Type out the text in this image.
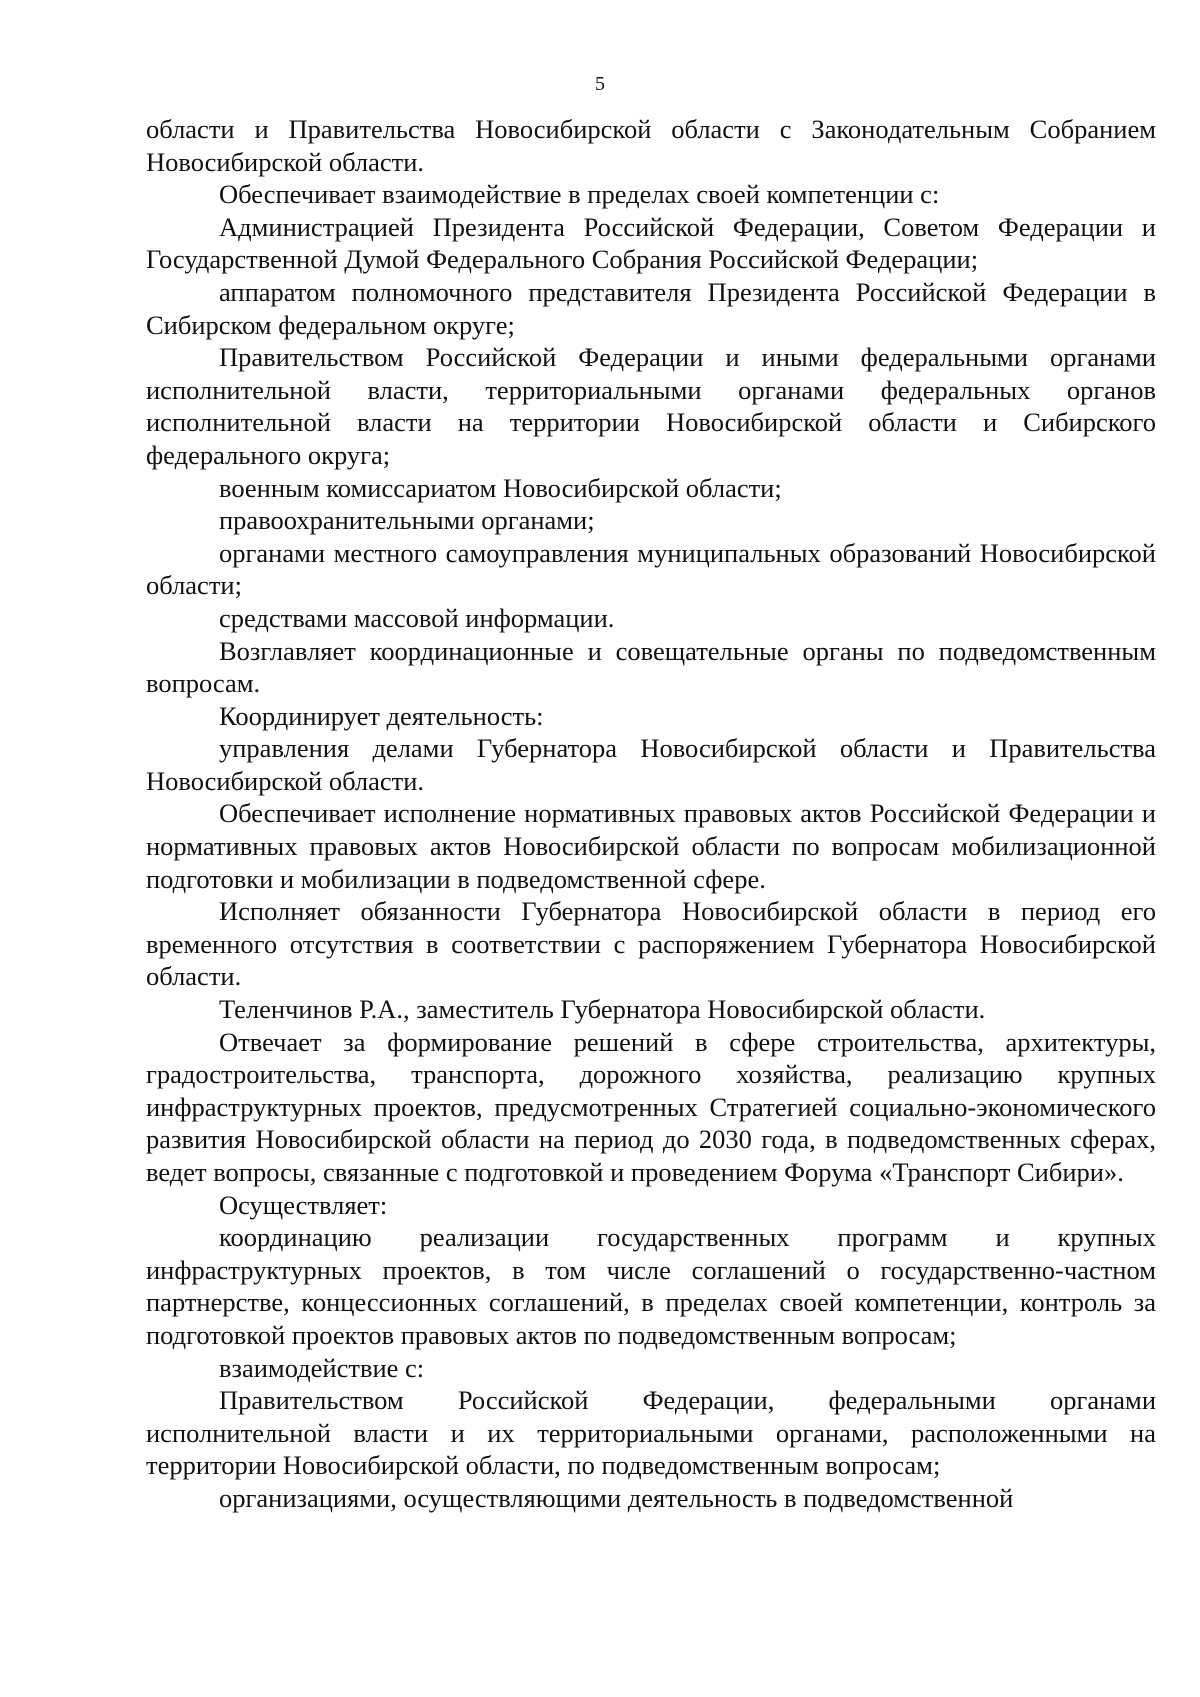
5

области и Правительства Новосибирской области с Законодательным Собранием Новосибирской области.

Обеспечивает взаимодействие в пределах своей компетенции с:

Администрацией Президента Российской Федерации, Советом Федерации и Государственной Думой Федерального Собрания Российской Федерации;

аппаратом полномочного представителя Президента Российской Федерации в Сибирском федеральном округе;

Правительством Российской Федерации и иными федеральными органами исполнительной власти, территориальными органами федеральных органов исполнительной власти на территории Новосибирской области и Сибирского федерального округа;

военным комиссариатом Новосибирской области;

правоохранительными органами;

органами местного самоуправления муниципальных образований Новосибирской области;

средствами массовой информации.

Возглавляет координационные и совещательные органы по подведомственным вопросам.

Координирует деятельность:

управления делами Губернатора Новосибирской области и Правительства Новосибирской области.

Обеспечивает исполнение нормативных правовых актов Российской Федерации и нормативных правовых актов Новосибирской области по вопросам мобилизационной подготовки и мобилизации в подведомственной сфере.

Исполняет обязанности Губернатора Новосибирской области в период его временного отсутствия в соответствии с распоряжением Губернатора Новосибирской области.

Теленчинов Р.А., заместитель Губернатора Новосибирской области.

Отвечает за формирование решений в сфере строительства, архитектуры, градостроительства, транспорта, дорожного хозяйства, реализацию крупных инфраструктурных проектов, предусмотренных Стратегией социально-экономического развития Новосибирской области на период до 2030 года, в подведомственных сферах, ведет вопросы, связанные с подготовкой и проведением Форума «Транспорт Сибири».

Осуществляет:

координацию реализации государственных программ и крупных инфраструктурных проектов, в том числе соглашений о государственно-частном партнерстве, концессионных соглашений, в пределах своей компетенции, контроль за подготовкой проектов правовых актов по подведомственным вопросам;

взаимодействие с:

Правительством Российской Федерации, федеральными органами исполнительной власти и их территориальными органами, расположенными на территории Новосибирской области, по подведомственным вопросам;

организациями, осуществляющими деятельность в подведомственной
